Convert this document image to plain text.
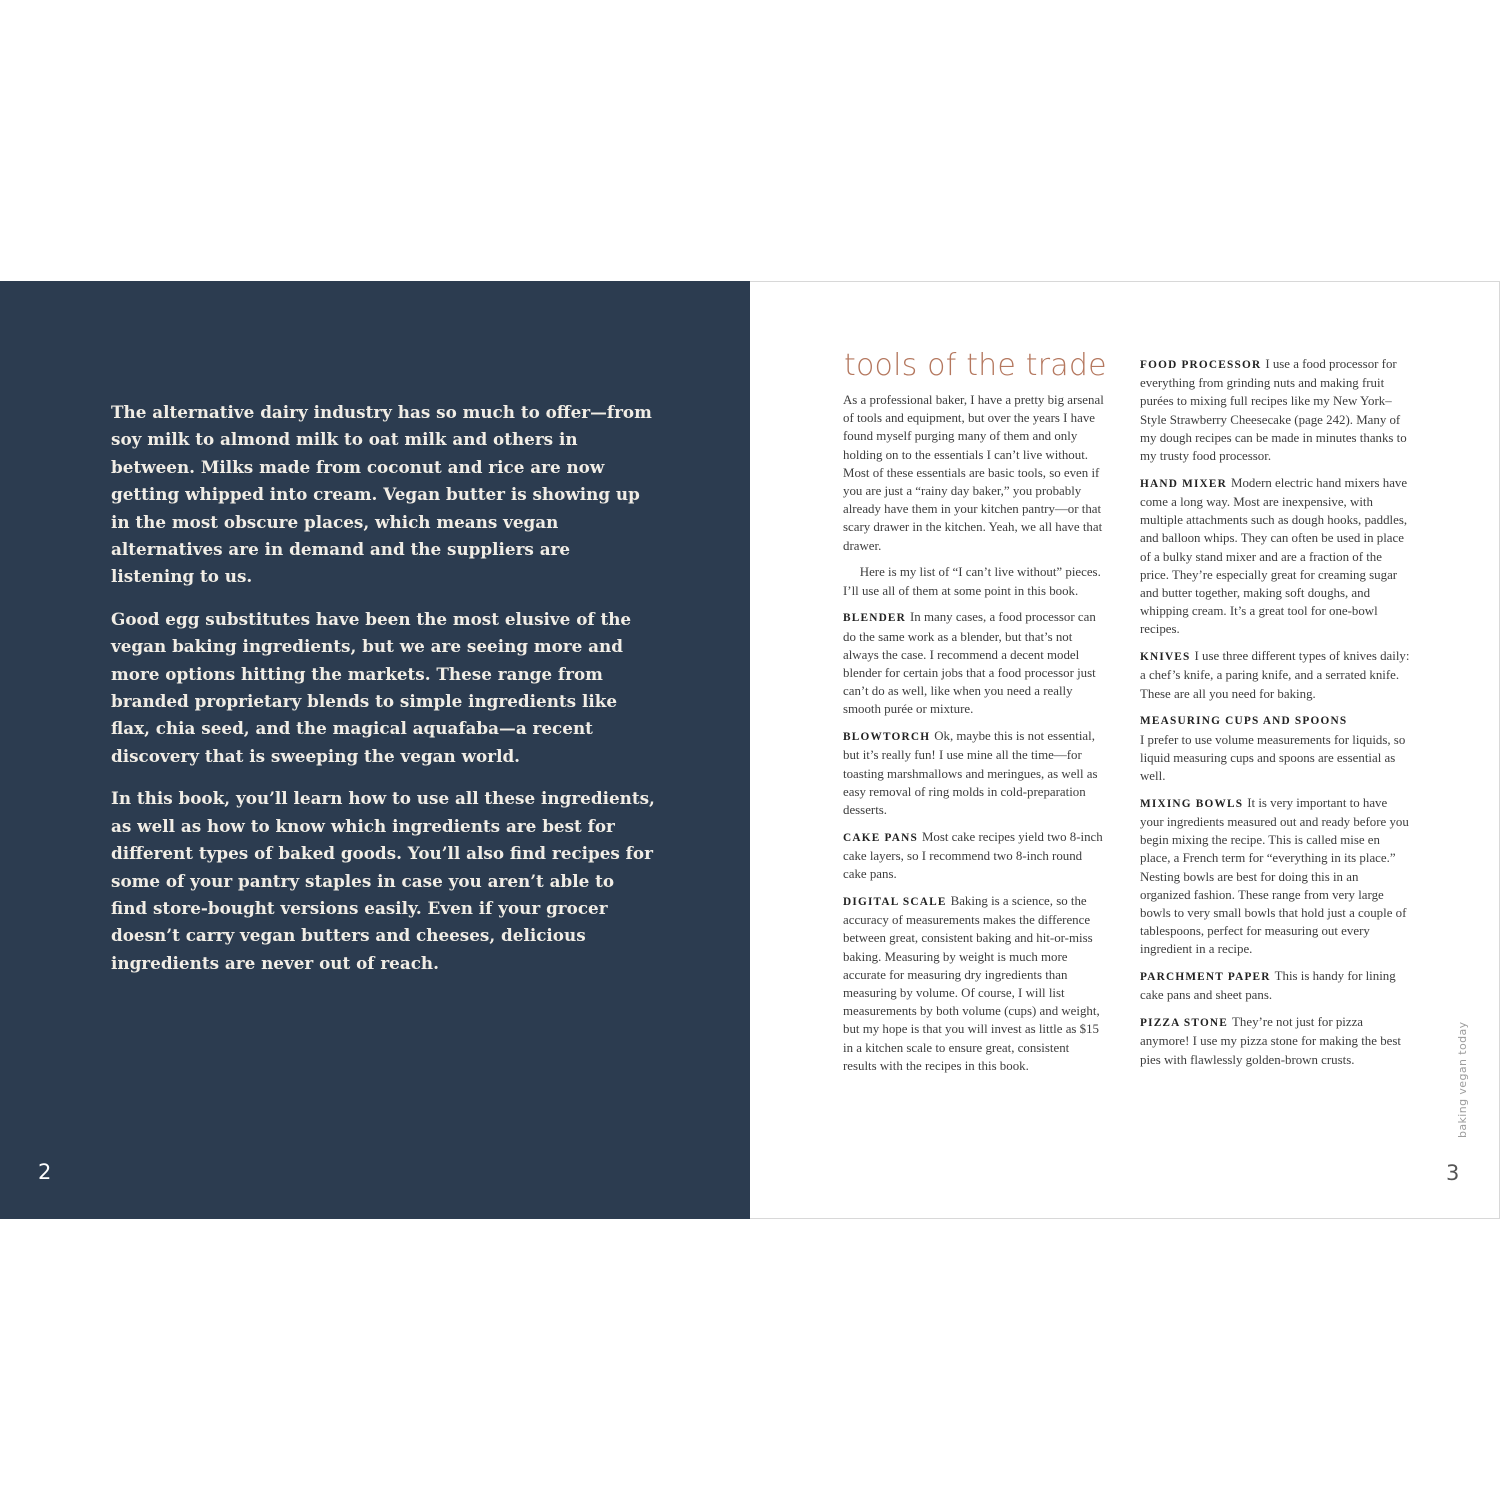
The alternative dairy industry has so much to offer—from soy milk to almond milk to oat milk and others in between. Milks made from coconut and rice are now getting whipped into cream. Vegan butter is showing up in the most obscure places, which means vegan alternatives are in demand and the suppliers are listening to us.

Good egg substitutes have been the most elusive of the vegan baking ingredients, but we are seeing more and more options hitting the markets. These range from branded proprietary blends to simple ingredients like flax, chia seed, and the magical aquafaba—a recent discovery that is sweeping the vegan world.

In this book, you’ll learn how to use all these ingredients, as well as how to know which ingredients are best for different types of baked goods. You’ll also find recipes for some of your pantry staples in case you aren’t able to find store-bought versions easily. Even if your grocer doesn’t carry vegan butters and cheeses, delicious ingredients are never out of reach.

2
tools of the trade

As a professional baker, I have a pretty big arsenal of tools and equipment, but over the years I have found myself purging many of them and only holding on to the essentials I can’t live without. Most of these essentials are basic tools, so even if you are just a “rainy day baker,” you probably already have them in your kitchen pantry—or that scary drawer in the kitchen. Yeah, we all have that drawer.

Here is my list of “I can’t live without” pieces. I’ll use all of them at some point in this book.

BLENDER In many cases, a food processor can do the same work as a blender, but that’s not always the case. I recommend a decent model blender for certain jobs that a food processor just can’t do as well, like when you need a really smooth purée or mixture.

BLOWTORCH Ok, maybe this is not essential, but it’s really fun! I use mine all the time—for toasting marshmallows and meringues, as well as easy removal of ring molds in cold-preparation desserts.

CAKE PANS Most cake recipes yield two 8-inch cake layers, so I recommend two 8-inch round cake pans.

DIGITAL SCALE Baking is a science, so the accuracy of measurements makes the difference between great, consistent baking and hit-or-miss baking. Measuring by weight is much more accurate for measuring dry ingredients than measuring by volume. Of course, I will list measurements by both volume (cups) and weight, but my hope is that you will invest as little as $15 in a kitchen scale to ensure great, consistent results with the recipes in this book.

FOOD PROCESSOR I use a food processor for everything from grinding nuts and making fruit purées to mixing full recipes like my New York–Style Strawberry Cheesecake (page 242). Many of my dough recipes can be made in minutes thanks to my trusty food processor.

HAND MIXER Modern electric hand mixers have come a long way. Most are inexpensive, with multiple attachments such as dough hooks, paddles, and balloon whips. They can often be used in place of a bulky stand mixer and are a fraction of the price. They’re especially great for creaming sugar and butter together, making soft doughs, and whipping cream. It’s a great tool for one-bowl recipes.

KNIVES I use three different types of knives daily: a chef’s knife, a paring knife, and a serrated knife. These are all you need for baking.

MEASURING CUPS AND SPOONS
I prefer to use volume measurements for liquids, so liquid measuring cups and spoons are essential as well.

MIXING BOWLS It is very important to have your ingredients measured out and ready before you begin mixing the recipe. This is called mise en place, a French term for “everything in its place.” Nesting bowls are best for doing this in an organized fashion. These range from very large bowls to very small bowls that hold just a couple of tablespoons, perfect for measuring out every ingredient in a recipe.

PARCHMENT PAPER This is handy for lining cake pans and sheet pans.

PIZZA STONE They’re not just for pizza anymore! I use my pizza stone for making the best pies with flawlessly golden-brown crusts.	baking vegan today
3
